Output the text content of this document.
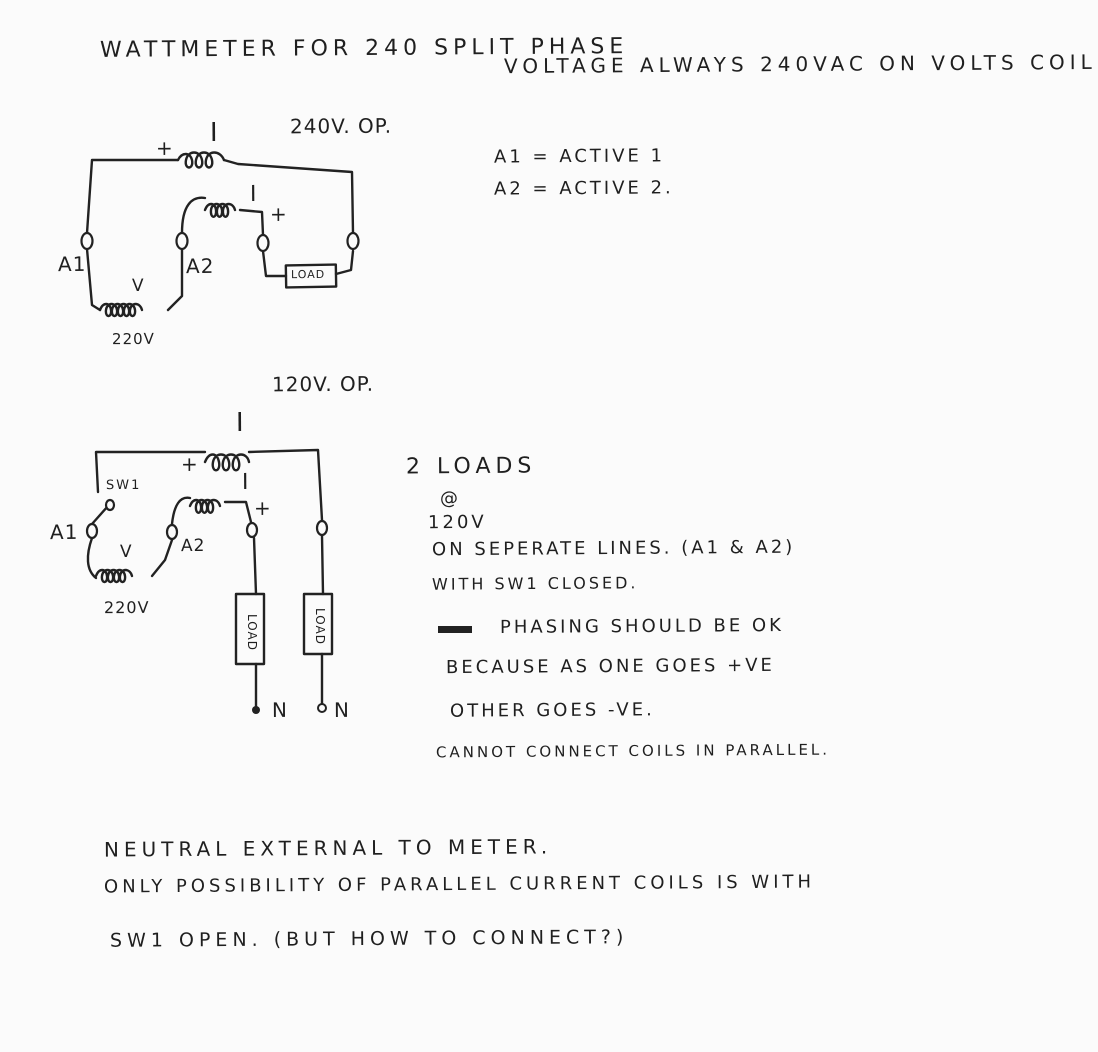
WATTMETER FOR 240 SPLIT PHASE
VOLTAGE ALWAYS 240VAC ON VOLTS COIL
A1 = ACTIVE 1
A2 = ACTIVE 2.
240V. OP.
I
+
I
+
A1	A2
V
220V
LOAD
120V. OP.
I
+
I
+
SW1
A1
A2
V
220V
LOAD	LOAD
N N
2 LOADS
@
120V
ON SEPERATE LINES. (A1 & A2)
WITH SW1 CLOSED.
PHASING SHOULD BE OK
BECAUSE AS ONE GOES +VE
OTHER GOES -VE.
CANNOT CONNECT COILS IN PARALLEL.
NEUTRAL EXTERNAL TO METER.
ONLY POSSIBILITY OF PARALLEL CURRENT COILS IS WITH
SW1 OPEN. (BUT HOW TO CONNECT?)
